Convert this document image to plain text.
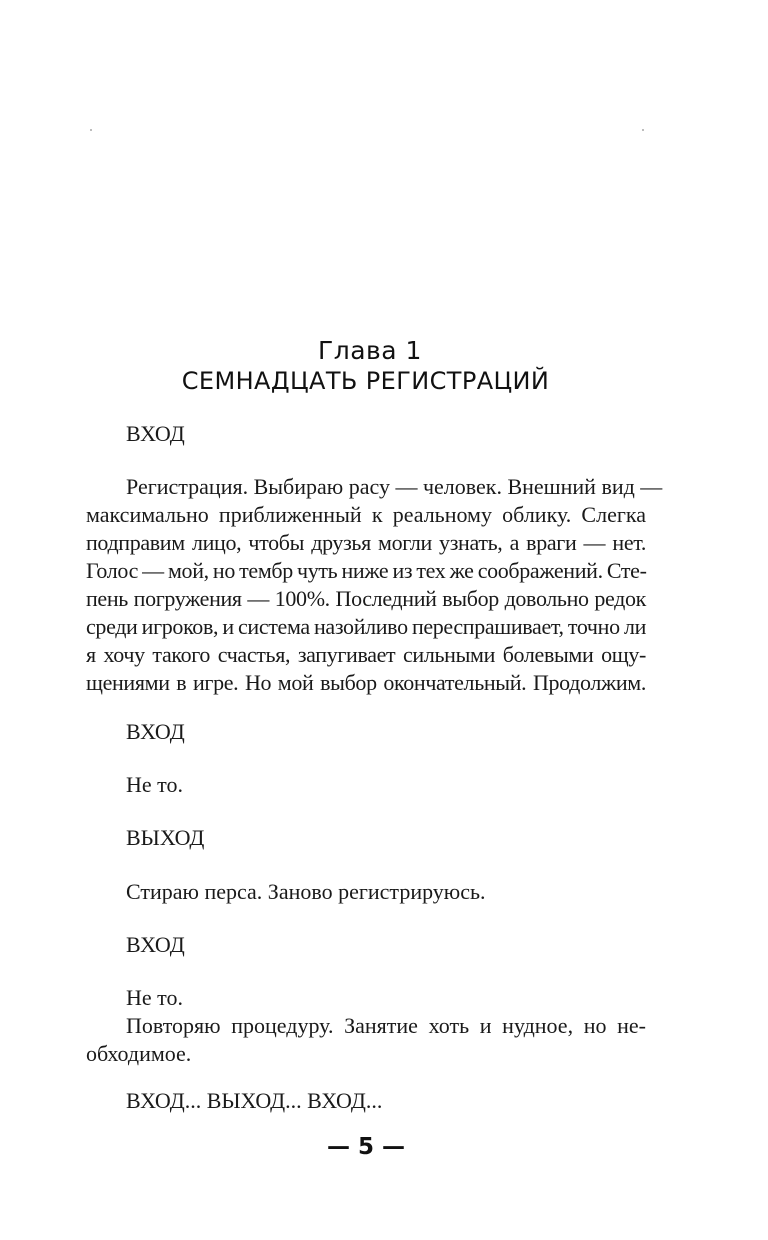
Глава 1
СЕМНАДЦАТЬ РЕГИСТРАЦИЙ
ВХОД
Регистрация. Выбираю расу — человек. Внешний вид —
максимально приближенный к реальному облику. Слегка
подправим лицо, чтобы друзья могли узнать, а враги — нет.
Голос — мой, но тембр чуть ниже из тех же соображений. Сте-
пень погружения — 100%. Последний выбор довольно редок
среди игроков, и система назойливо переспрашивает, точно ли
я хочу такого счастья, запугивает сильными болевыми ощу-
щениями в игре. Но мой выбор окончательный. Продолжим.
ВХОД
Не то.
ВЫХОД
Стираю перса. Заново регистрируюсь.
ВХОД
Не то.
Повторяю процедуру. Занятие хоть и нудное, но не-
обходимое.
ВХОД... ВЫХОД... ВХОД...
— 5 —
